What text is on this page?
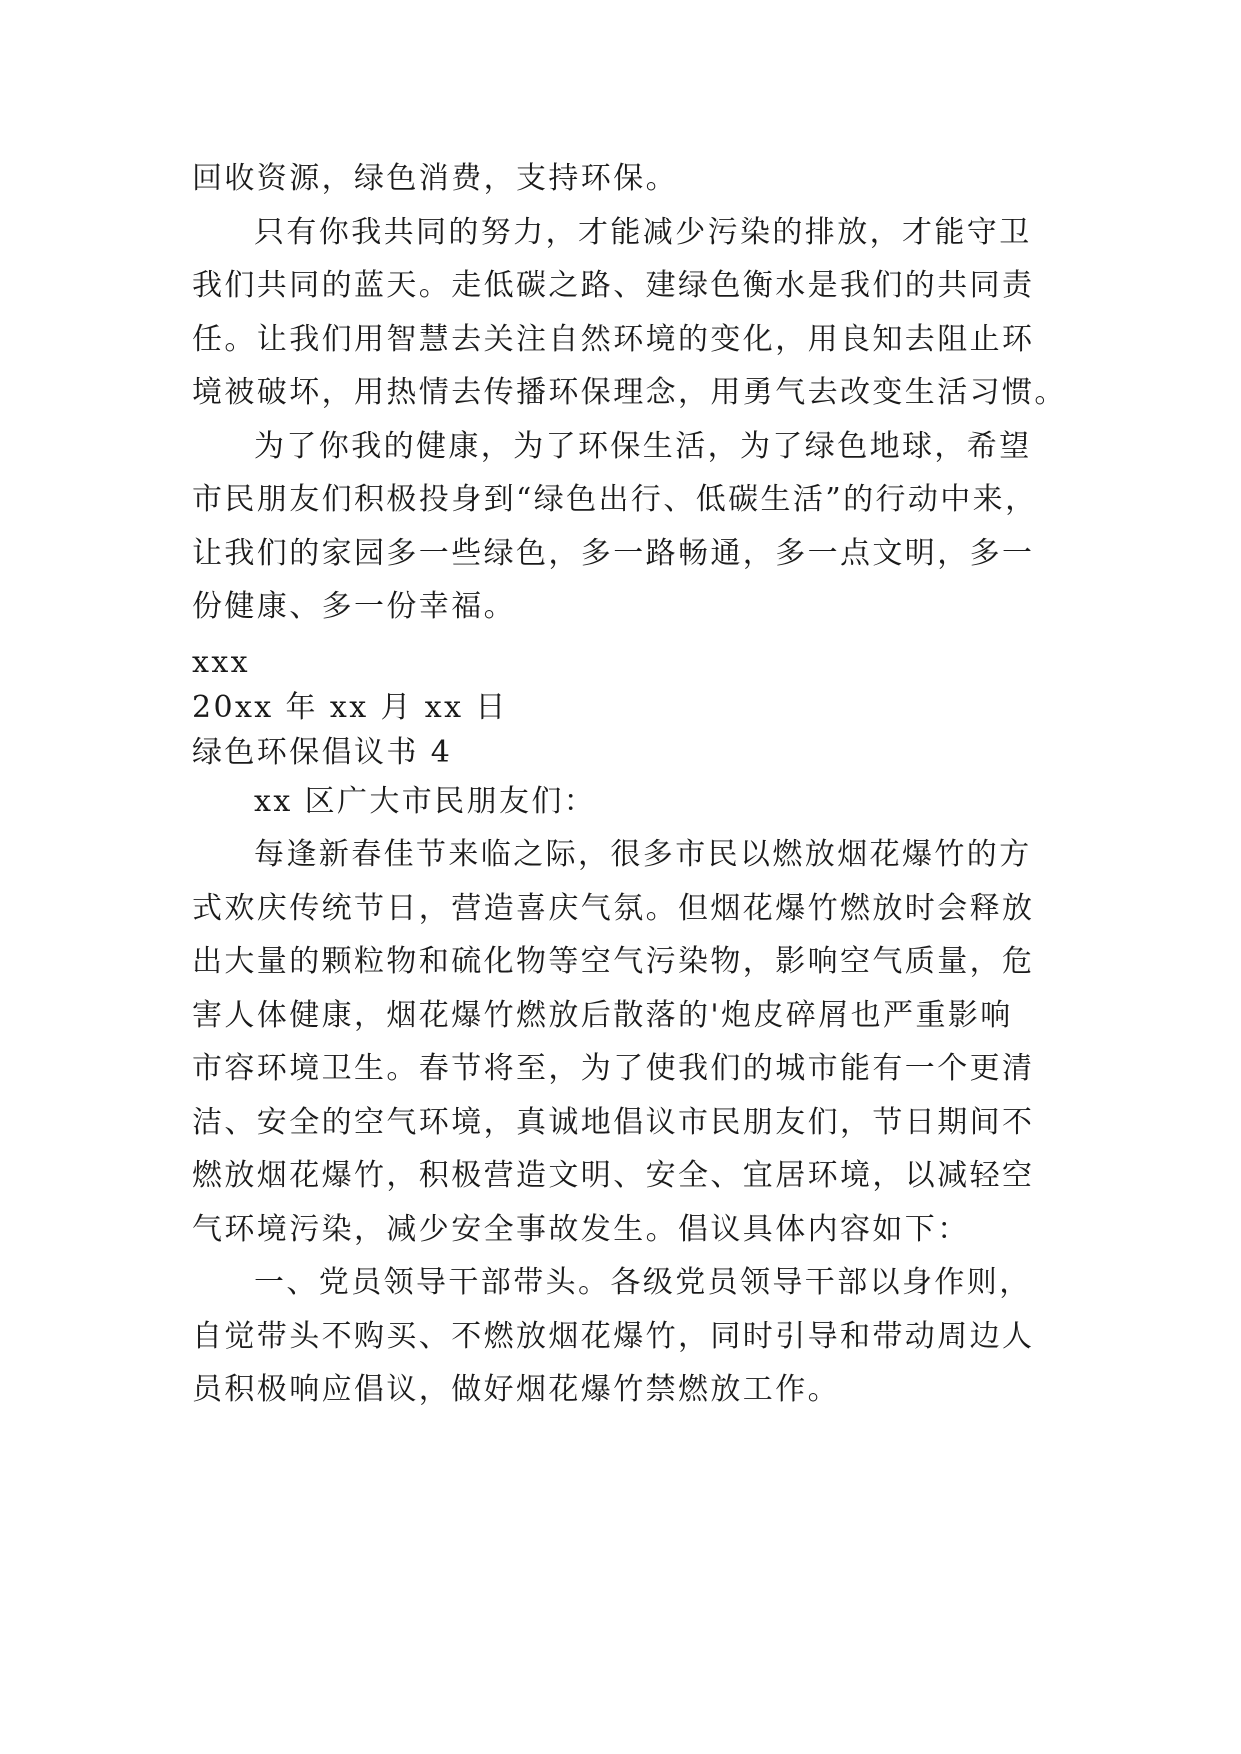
回收资源，绿色消费，支持环保。
只有你我共同的努力，才能减少污染的排放，才能守卫
我们共同的蓝天。走低碳之路、建绿色衡水是我们的共同责
任。让我们用智慧去关注自然环境的变化，用良知去阻止环
境被破坏，用热情去传播环保理念，用勇气去改变生活习惯。
为了你我的健康，为了环保生活，为了绿色地球，希望
市民朋友们积极投身到“绿色出行、低碳生活”的行动中来，
让我们的家园多一些绿色，多一路畅通，多一点文明，多一
份健康、多一份幸福。
xxx
20xx 年 xx 月 xx 日
绿色环保倡议书 4
xx 区广大市民朋友们：
每逢新春佳节来临之际，很多市民以燃放烟花爆竹的方
式欢庆传统节日，营造喜庆气氛。但烟花爆竹燃放时会释放
出大量的颗粒物和硫化物等空气污染物，影响空气质量，危
害人体健康，烟花爆竹燃放后散落的'炮皮碎屑也严重影响
市容环境卫生。春节将至，为了使我们的城市能有一个更清
洁、安全的空气环境，真诚地倡议市民朋友们，节日期间不
燃放烟花爆竹，积极营造文明、安全、宜居环境，以减轻空
气环境污染，减少安全事故发生。倡议具体内容如下：
一、党员领导干部带头。各级党员领导干部以身作则，
自觉带头不购买、不燃放烟花爆竹，同时引导和带动周边人
员积极响应倡议，做好烟花爆竹禁燃放工作。
